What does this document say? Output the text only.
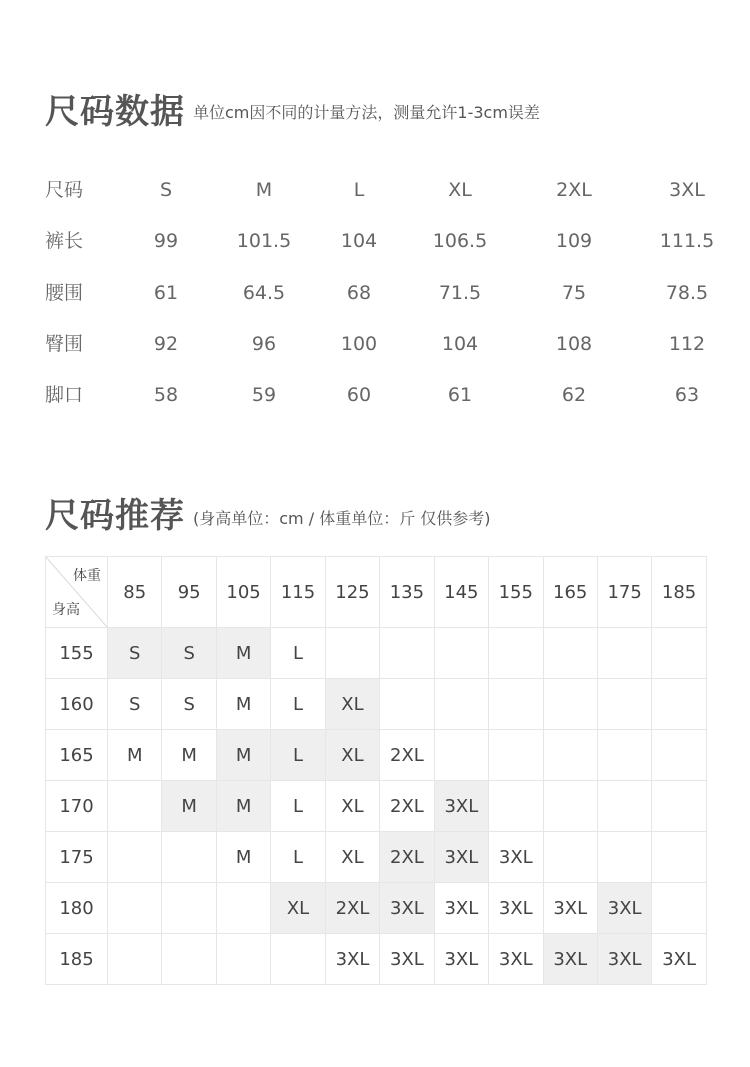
尺码数据 单位cm因不同的计量方法，测量允许1-3cm误差
尺码	S	M	L	XL	2XL	3XL
裤长	99	101.5	104	106.5	109	111.5
腰围	61	64.5	68	71.5	75	78.5
臀围	92	96	100	104	108	112
脚口	58	59	60	61	62	63
尺码推荐 (身高单位：cm / 体重单位：斤 仅供参考)
体重
身高	85	95	105	115	125	135	145	155	165	175	185
155	S	S	M	L							
160	S	S	M	L	XL						
165	M	M	M	L	XL	2XL					
170		M	M	L	XL	2XL	3XL				
175			M	L	XL	2XL	3XL	3XL			
180				XL	2XL	3XL	3XL	3XL	3XL	3XL	
185					3XL	3XL	3XL	3XL	3XL	3XL	3XL
